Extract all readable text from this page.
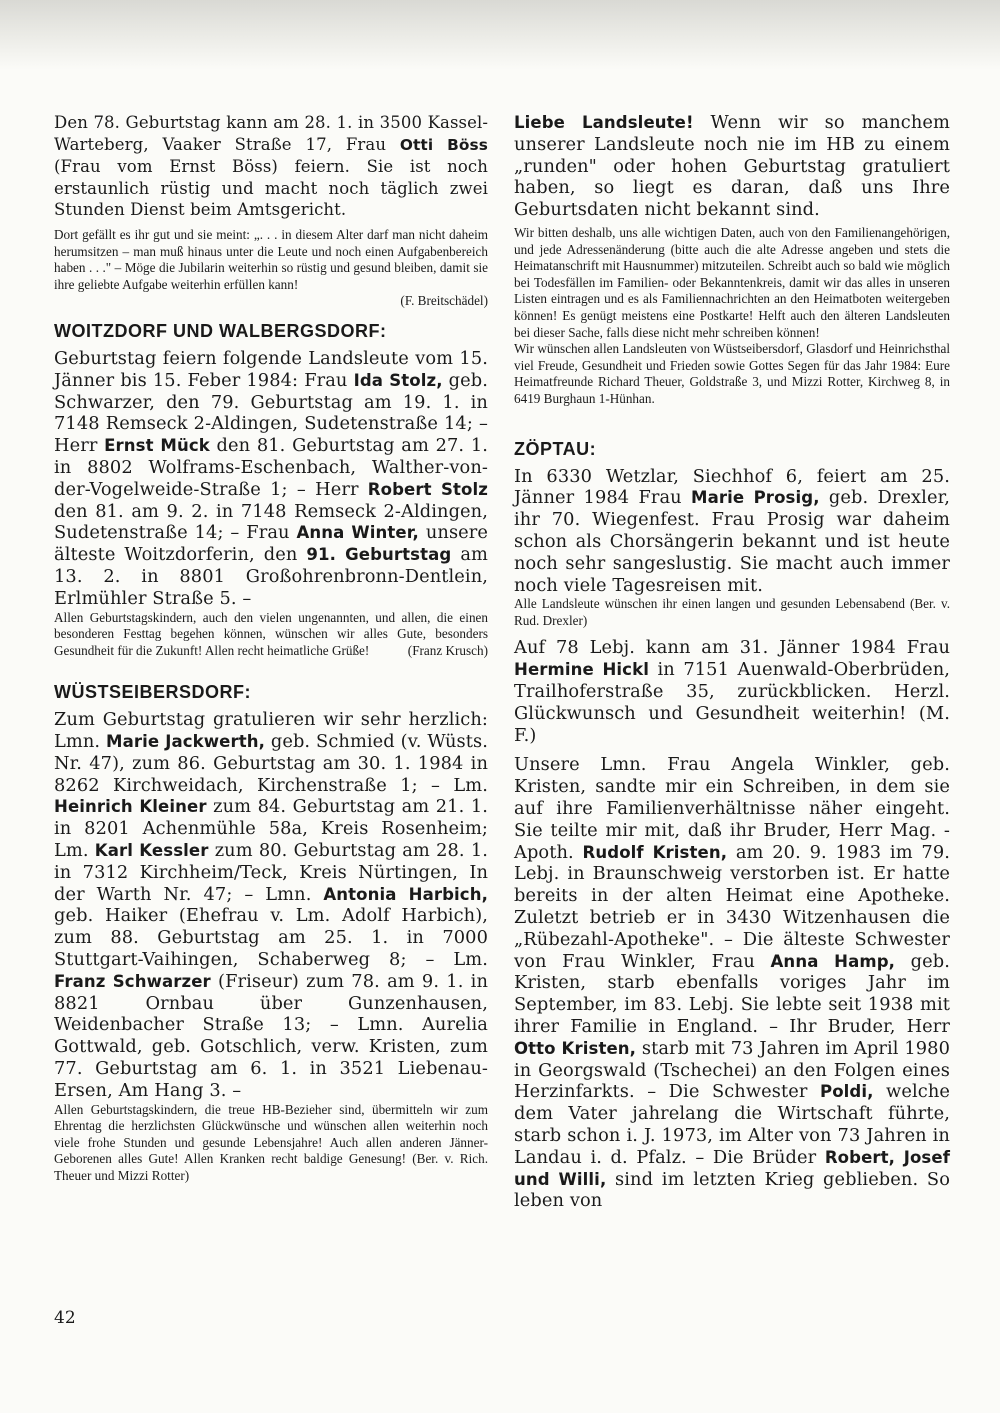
Den 78. Geburtstag kann am 28. 1. in 3500 Kassel-Warteberg, Vaaker Straße 17, Frau Otti Böss (Frau vom Ernst Böss) feiern. Sie ist noch erstaunlich rüstig und macht noch täglich zwei Stunden Dienst beim Amtsgericht.

Dort gefällt es ihr gut und sie meint: „. . . in diesem Alter darf man nicht daheim herumsitzen – man muß hinaus unter die Leute und noch einen Aufgabenbereich haben . . ." – Möge die Jubilarin weiterhin so rüstig und gesund bleiben, damit sie ihre geliebte Aufgabe weiterhin erfüllen kann!

(F. Breitschädel)

WOITZDORF UND WALBERGSDORF:

Geburtstag feiern folgende Landsleute vom 15. Jänner bis 15. Feber 1984: Frau Ida Stolz, geb. Schwarzer, den 79. Geburtstag am 19. 1. in 7148 Remseck 2-Aldingen, Sudetenstraße 14; – Herr Ernst Mück den 81. Geburtstag am 27. 1. in 8802 Wolframs-Eschenbach, Walther-von-der-Vogelweide-Straße 1; – Herr Robert Stolz den 81. am 9. 2. in 7148 Remseck 2-Aldingen, Sudetenstraße 14; – Frau Anna Winter, unsere älteste Woitzdorferin, den 91. Geburtstag am 13. 2. in 8801 Großohrenbronn-Dentlein, Erlmühler Straße 5. –

Allen Geburtstagskindern, auch den vielen ungenannten, und allen, die einen besonderen Festtag begehen können, wünschen wir alles Gute, besonders Gesundheit für die Zukunft! Allen recht heimatliche Grüße!	(Franz Krusch)

WÜSTSEIBERSDORF:

Zum Geburtstag gratulieren wir sehr herzlich: Lmn. Marie Jackwerth, geb. Schmied (v. Wüsts. Nr. 47), zum 86. Geburtstag am 30. 1. 1984 in 8262 Kirchweidach, Kirchenstraße 1; – Lm. Heinrich Kleiner zum 84. Geburtstag am 21. 1. in 8201 Achenmühle 58a, Kreis Rosenheim; Lm. Karl Kessler zum 80. Geburtstag am 28. 1. in 7312 Kirchheim/Teck, Kreis Nürtingen, In der Warth Nr. 47; – Lmn. Antonia Harbich, geb. Haiker (Ehefrau v. Lm. Adolf Harbich), zum 88. Geburtstag am 25. 1. in 7000 Stuttgart-Vaihingen, Schaberweg 8; – Lm. Franz Schwarzer (Friseur) zum 78. am 9. 1. in 8821 Ornbau über Gunzenhausen, Weidenbacher Straße 13; – Lmn. Aurelia Gottwald, geb. Gotschlich, verw. Kristen, zum 77. Geburtstag am 6. 1. in 3521 Liebenau-Ersen, Am Hang 3. –

Allen Geburtstagskindern, die treue HB-Bezieher sind, übermitteln wir zum Ehrentag die herzlichsten Glückwünsche und wünschen allen weiterhin noch viele frohe Stunden und gesunde Lebensjahre! Auch allen anderen Jänner-Geborenen alles Gute! Allen Kranken recht baldige Genesung! (Ber. v. Rich. Theuer und Mizzi Rotter)

Liebe Landsleute! Wenn wir so manchem unserer Landsleute noch nie im HB zu einem „runden" oder hohen Geburtstag gratuliert haben, so liegt es daran, daß uns Ihre Geburtsdaten nicht bekannt sind.

Wir bitten deshalb, uns alle wichtigen Daten, auch von den Familienangehörigen, und jede Adressenänderung (bitte auch die alte Adresse angeben und stets die Heimatanschrift mit Hausnummer) mitzuteilen. Schreibt auch so bald wie möglich bei Todesfällen im Familien- oder Bekanntenkreis, damit wir das alles in unseren Listen eintragen und es als Familiennachrichten an den Heimatboten weitergeben können! Es genügt meistens eine Postkarte! Helft auch den älteren Landsleuten bei dieser Sache, falls diese nicht mehr schreiben können!

Wir wünschen allen Landsleuten von Wüstseibersdorf, Glasdorf und Heinrichsthal viel Freude, Gesundheit und Frieden sowie Gottes Segen für das Jahr 1984: Eure Heimatfreunde Richard Theuer, Goldstraße 3, und Mizzi Rotter, Kirchweg 8, in 6419 Burghaun 1-Hünhan.

ZÖPTAU:

In 6330 Wetzlar, Siechhof 6, feiert am 25. Jänner 1984 Frau Marie Prosig, geb. Drexler, ihr 70. Wiegenfest. Frau Prosig war daheim schon als Chorsängerin bekannt und ist heute noch sehr sangeslustig. Sie macht auch immer noch viele Tagesreisen mit.

Alle Landsleute wünschen ihr einen langen und gesunden Lebensabend (Ber. v. Rud. Drexler)

Auf 78 Lebj. kann am 31. Jänner 1984 Frau Hermine Hickl in 7151 Auenwald-Oberbrüden, Trailhoferstraße 35, zurückblicken. Herzl. Glückwunsch und Gesundheit weiterhin! (M. F.)

Unsere Lmn. Frau Angela Winkler, geb. Kristen, sandte mir ein Schreiben, in dem sie auf ihre Familienverhältnisse näher eingeht. Sie teilte mir mit, daß ihr Bruder, Herr Mag. -Apoth. Rudolf Kristen, am 20. 9. 1983 im 79. Lebj. in Braunschweig verstorben ist. Er hatte bereits in der alten Heimat eine Apotheke. Zuletzt betrieb er in 3430 Witzenhausen die „Rübezahl-Apotheke". – Die älteste Schwester von Frau Winkler, Frau Anna Hamp, geb. Kristen, starb ebenfalls voriges Jahr im September, im 83. Lebj. Sie lebte seit 1938 mit ihrer Familie in England. – Ihr Bruder, Herr Otto Kristen, starb mit 73 Jahren im April 1980 in Georgswald (Tschechei) an den Folgen eines Herzinfarkts. – Die Schwester Poldi, welche dem Vater jahrelang die Wirtschaft führte, starb schon i. J. 1973, im Alter von 73 Jahren in Landau i. d. Pfalz. – Die Brüder Robert, Josef und Willi, sind im letzten Krieg geblieben. So leben von

42
